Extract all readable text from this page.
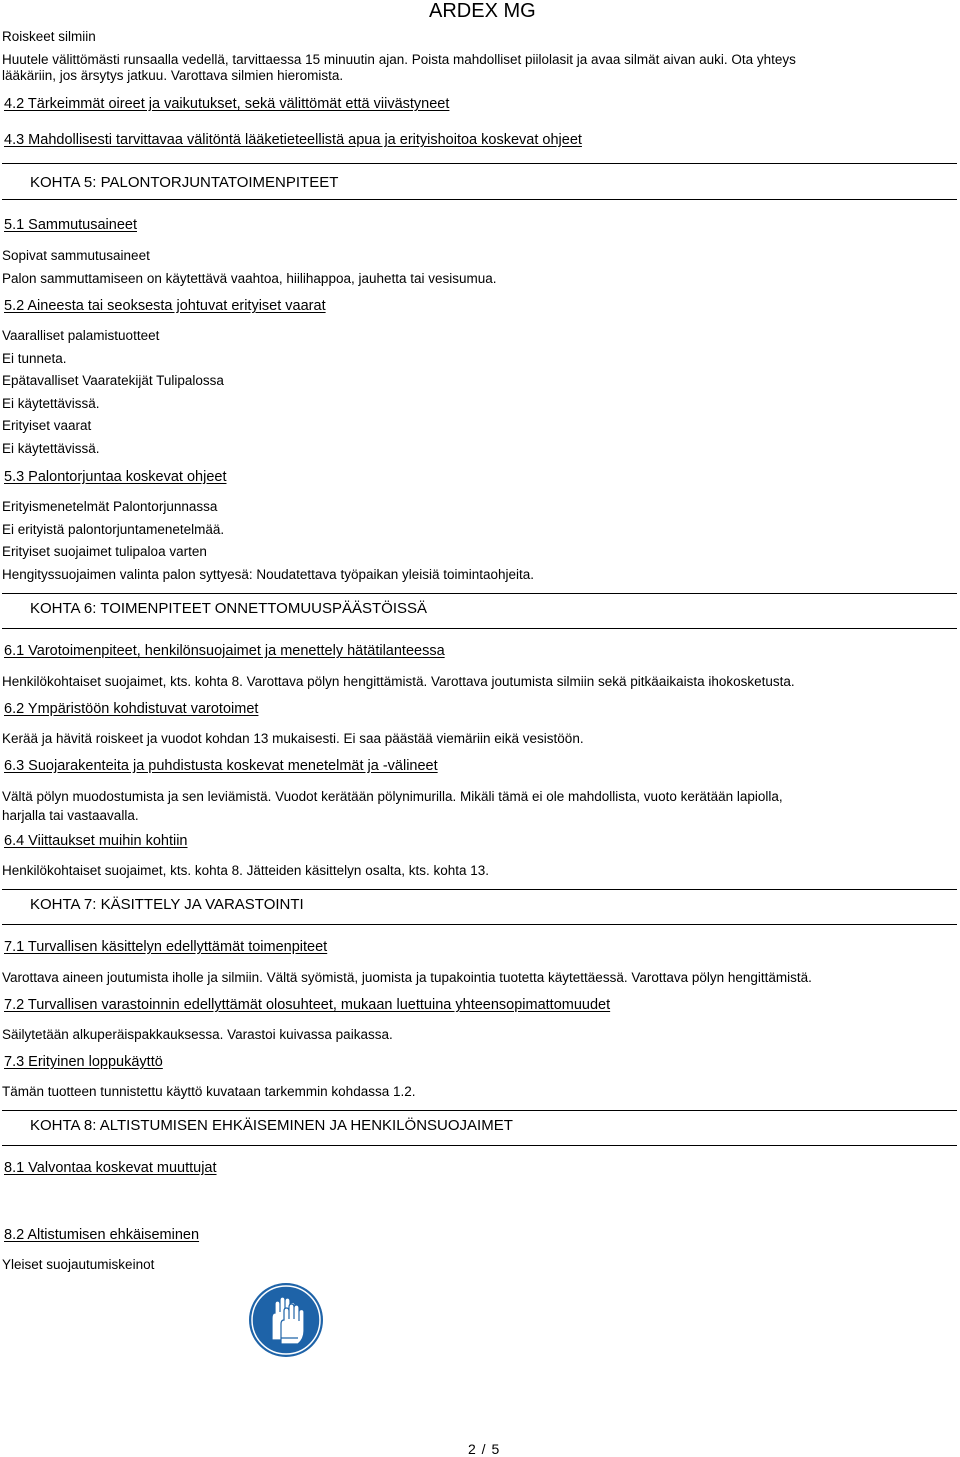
ARDEX MG
Roiskeet silmiin
Huutele välittömästi runsaalla vedellä, tarvittaessa 15 minuutin ajan. Poista mahdolliset piilolasit ja avaa silmät aivan auki. Ota yhteys
lääkäriin, jos ärsytys jatkuu. Varottava silmien hieromista.
4.2 Tärkeimmät oireet ja vaikutukset, sekä välittömät että viivästyneet
4.3 Mahdollisesti tarvittavaa välitöntä lääketieteellistä apua ja erityishoitoa koskevat ohjeet
KOHTA 5: PALONTORJUNTATOIMENPITEET
5.1 Sammutusaineet
Sopivat sammutusaineet
Palon sammuttamiseen on käytettävä vaahtoa, hiilihappoa, jauhetta tai vesisumua.
5.2 Aineesta tai seoksesta johtuvat erityiset vaarat
Vaaralliset palamistuotteet
Ei tunneta.
Epätavalliset Vaaratekijät Tulipalossa
Ei käytettävissä.
Erityiset vaarat
Ei käytettävissä.
5.3 Palontorjuntaa koskevat ohjeet
Erityismenetelmät Palontorjunnassa
Ei erityistä palontorjuntamenetelmää.
Erityiset suojaimet tulipaloa varten
Hengityssuojaimen valinta palon syttyesä: Noudatettava työpaikan yleisiä toimintaohjeita.
KOHTA 6: TOIMENPITEET ONNETTOMUUSPÄÄSTÖISSÄ
6.1 Varotoimenpiteet, henkilönsuojaimet ja menettely hätätilanteessa
Henkilökohtaiset suojaimet, kts. kohta 8. Varottava pölyn hengittämistä. Varottava joutumista silmiin sekä pitkäaikaista ihokosketusta.
6.2 Ympäristöön kohdistuvat varotoimet
Kerää ja hävitä roiskeet ja vuodot kohdan 13 mukaisesti. Ei saa päästää viemäriin eikä vesistöön.
6.3 Suojarakenteita ja puhdistusta koskevat menetelmät ja -välineet
Vältä pölyn muodostumista ja sen leviämistä. Vuodot kerätään pölynimurilla. Mikäli tämä ei ole mahdollista, vuoto kerätään lapiolla,
harjalla tai vastaavalla.
6.4 Viittaukset muihin kohtiin
Henkilökohtaiset suojaimet, kts. kohta 8. Jätteiden käsittelyn osalta, kts. kohta 13.
KOHTA 7: KÄSITTELY JA VARASTOINTI
7.1 Turvallisen käsittelyn edellyttämät toimenpiteet
Varottava aineen joutumista iholle ja silmiin. Vältä syömistä, juomista ja tupakointia tuotetta käytettäessä. Varottava pölyn hengittämistä.
7.2 Turvallisen varastoinnin edellyttämät olosuhteet, mukaan luettuina yhteensopimattomuudet
Säilytetään alkuperäispakkauksessa. Varastoi kuivassa paikassa.
7.3 Erityinen loppukäyttö
Tämän tuotteen tunnistettu käyttö kuvataan tarkemmin kohdassa 1.2.
KOHTA 8: ALTISTUMISEN EHKÄISEMINEN JA HENKILÖNSUOJAIMET
8.1 Valvontaa koskevat muuttujat
8.2 Altistumisen ehkäiseminen
Yleiset suojautumiskeinot
2 / 5
